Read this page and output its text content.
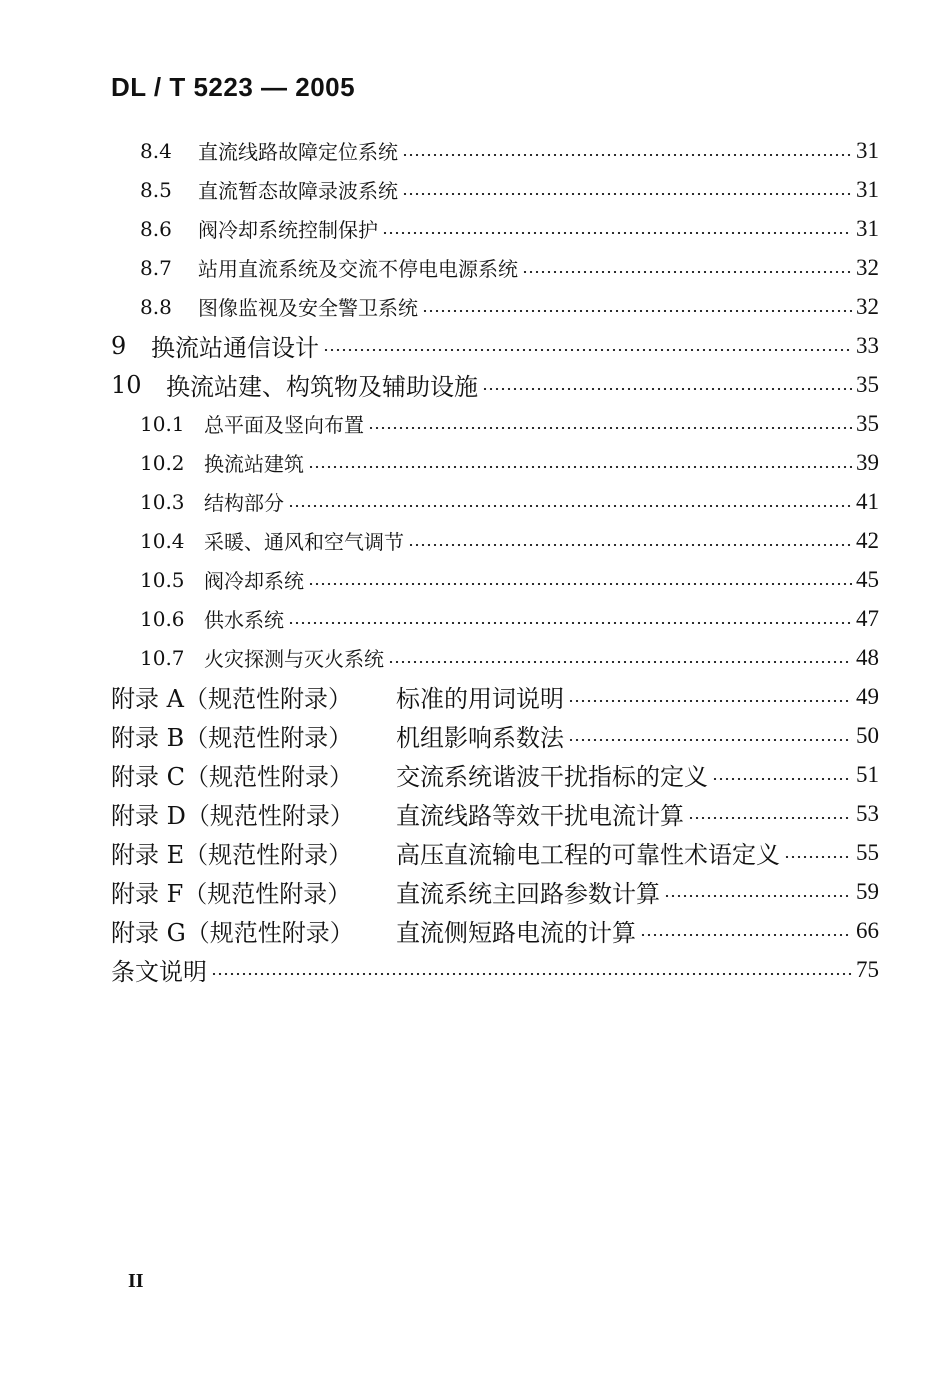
DL / T 5223 — 2005
8.4	直流线路故障定位系统	31
8.5	直流暂态故障录波系统	31
8.6	阀冷却系统控制保护	31
8.7	站用直流系统及交流不停电电源系统	32
8.8	图像监视及安全警卫系统	32
9	换流站通信设计	33
10	换流站建、构筑物及辅助设施	35
10.1 总平面及竖向布置	35
10.2 换流站建筑	39
10.3 结构部分	41
10.4 采暖、通风和空气调节	42
10.5 阀冷却系统	45
10.6 供水系统	47
10.7 火灾探测与灭火系统	48
附录 A（规范性附录）	标准的用词说明	49
附录 B（规范性附录）	机组影响系数法	50
附录 C（规范性附录）	交流系统谐波干扰指标的定义	51
附录 D（规范性附录）	直流线路等效干扰电流计算	53
附录 E（规范性附录）	高压直流输电工程的可靠性术语定义	55
附录 F（规范性附录）	直流系统主回路参数计算	59
附录 G（规范性附录）	直流侧短路电流的计算	66
条文说明	75
II
